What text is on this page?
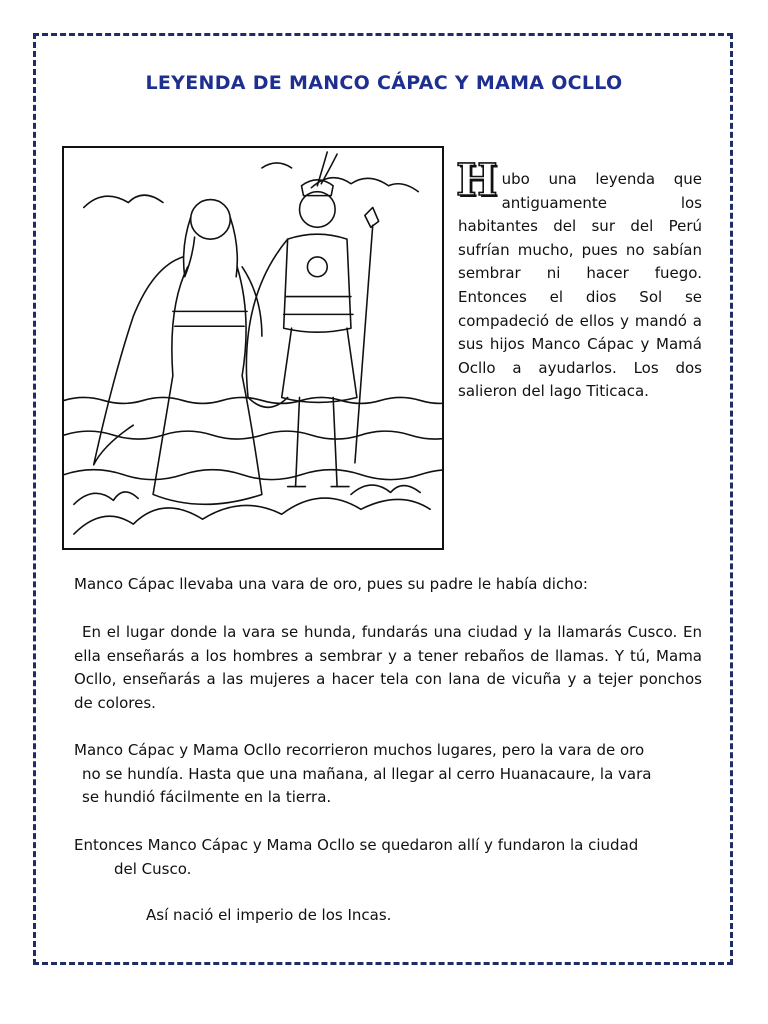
LEYENDA DE MANCO CÁPAC Y MAMA OCLLO
Hubo una leyenda que antiguamente los habitantes del sur del Perú sufrían mucho, pues no sabían sembrar ni hacer fuego. Entonces el dios Sol se compadeció de ellos y mandó a sus hijos Manco Cápac y Mamá Ocllo a ayudarlos. Los dos salieron del lago Titicaca.
Manco Cápac llevaba una vara de oro, pues su padre le había dicho:
En el lugar donde la vara se hunda, fundarás una ciudad y la llamarás Cusco. En ella enseñarás a los hombres a sembrar y a tener rebaños de llamas. Y tú, Mama Ocllo, enseñarás a las mujeres a hacer tela con lana de vicuña y a tejer ponchos de colores.
Manco Cápac y Mama Ocllo recorrieron muchos lugares, pero la vara de oro
no se hundía. Hasta que una mañana, al llegar al cerro Huanacaure, la vara
se hundió fácilmente en la tierra.
Entonces Manco Cápac y Mama Ocllo se quedaron allí y fundaron la ciudad
del Cusco.
Así nació el imperio de los Incas.
